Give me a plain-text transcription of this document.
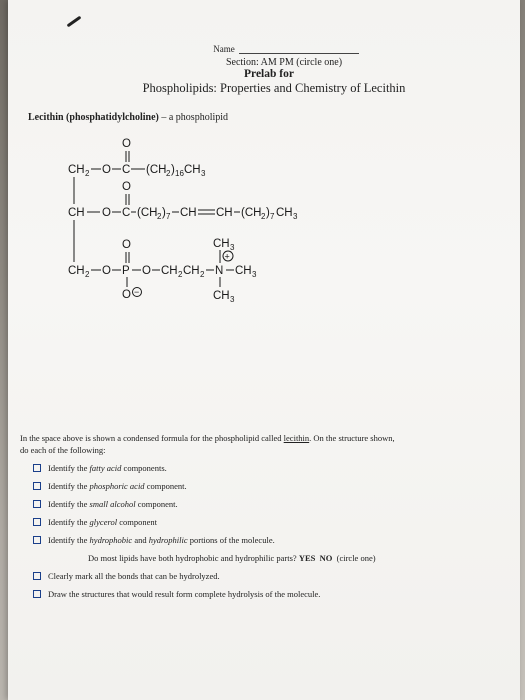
Name
Section: AM PM (circle one)
Prelab for
Phospholipids: Properties and Chemistry of Lecithin
Lecithin (phosphatidylcholine) – a phospholipid
CH 2 O C
O
(CH 2 ) 16 CH 3
CH O C
O
(CH 2 ) 7 CH CH (CH 2 ) 7 CH 3
CH 2 O P
O
O −
O CH 2 CH 2 N
+
CH 3
CH 3
CH 3
In the space above is shown a condensed formula for the phospholipid called lecithin. On the structure shown, do each of the following:
Identify the fatty acid components.
Identify the phosphoric acid component.
Identify the small alcohol component.
Identify the glycerol component
Identify the hydrophobic and hydrophilic portions of the molecule.
Do most lipids have both hydrophobic and hydrophilic parts? YES NO (circle one)
Clearly mark all the bonds that can be hydrolyzed.
Draw the structures that would result form complete hydrolysis of the molecule.
